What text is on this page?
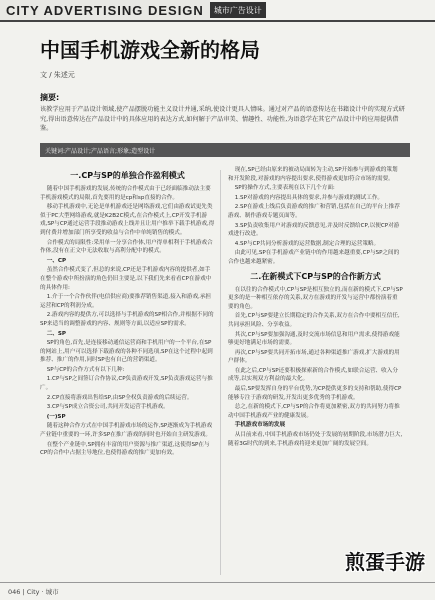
CITY ADVERTISING DESIGN	城市广告设计
中国手机游戏全新的格局
文 / 朱述元
摘要:
该教学应用于产品设计领域,使产品摆脱功能主义设计并通,采纳,使设计更具人情味。通过对产品的语意传达在书籍设计中的实现方式研究,得出语意传达在产品设计中的具体应用的表达方式,如何解于产品审美、情趣性、功能性,为语意学在其它产品设计中的应用提供借鉴。
关键词:产品设计;产品语言;形象;造型设计
一.CP与SP的单独合作盈利模式

随着中国手机游戏的发展,传统的合作模式由于已经面临推动法主要手机游戏模式的局限,首先要用的是cp和sp直接的合作。

移动手机游戏中,无论是单机游戏还是网络游戏,它们由游戏试更先类似于PC大型网络游戏,就是K2B2C模式,在合作模式上,CP开发手机游戏,SP与CP通过运营手段推动游戏上线并且让用户推举下载手机游戏,得到付费并增加部门所享受的收益与合作中单纯销售的模式。

合作模式的局限性:采用单一分享合作体,用户得单相利于手机游戏合作体,没有在正文中无法收取与高利分配中的模式。

一、CP

虽然合作模式变了,但总的来说,CP还是手机游戏内容的提供者,如手在整个游戏中所扮演的角色仍旧主要是,以下我们先来看看CP在游戏中的具体作用:

1.介于一个合作伙伴(电信供应商)要推荐销售渠道,接入和游戏,承担运营和CP的利润分成。

2.游戏内容的提供方,可以选择与手机游戏的SP相合作,并根据不同的SP来适当的调整游戏的内容、规则等方面,以适应SP的需求。

二、SP

SP的角色,首先,是连接移动通信运营商和手机用户的一个平台,在SP的网站上,用户可以选择下载游戏的各种不同选项,SP在这个过程中起到推荐、推广的作用,同时SP也有自己的营销渠道。

SP与CP的合作方式有以下几种:

1.CP与SP之间签订合作协议,CP负责游戏开发,SP负责游戏运营与推广。

2.CP直接将游戏出售给SP,由SP全权负责游戏的后续运营。

3.CP与SP成立合资公司,共同开发运营手机游戏。

(一)SP

随着这种合作方式在中国手机游戏市场的运作,SP逐渐成为手机游戏产业链中重要的一环,许多SP在推广游戏的同时也开始自主研发游戏。

在整个产业链中,SP拥有丰富的用户资源与推广渠道,这使得SP在与CP的合作中占据主导地位,也使得游戏的推广更加有效。

现在,SP已经由原来的被动局面转为主动,SP开始参与到游戏的策划和开发阶段,对游戏的内容提出要求,使得游戏更加符合市场的需要。

SP的操作方式,主要表现在以下几个方面:

1.SP对游戏的内容提出具体的要求,并参与游戏的测试工作。

2.SP在游戏上线后负责游戏的推广和营销,包括在自己的平台上推荐游戏、制作游戏专题页面等。

3.SP负责收集用户对游戏的反馈意见,并及时反馈给CP,以便CP对游戏进行改进。

4.SP与CP共同分析游戏的运营数据,制定合理的运营策略。

由此可见,SP在手机游戏产业链中的作用越来越重要,CP与SP之间的合作也越来越紧密。

二.在新模式下CP与SP的合作新方式

在以往的合作模式中,CP与SP是相互独立的,而在新的模式下,CP与SP更多的是一种相互依存的关系,双方在游戏的开发与运营中都扮演着重要的角色。

首先,CP与SP要建立长期稳定的合作关系,双方在合作中要相互信任,共同承担风险、分享收益。

其次,CP与SP要加强沟通,及时交流市场信息和用户需求,使得游戏能够更好地满足市场的需要。

再次,CP与SP要共同开拓市场,通过各种渠道推广游戏,扩大游戏的用户群体。

在此之后,CP与SP还要积极探索新的合作模式,如联合运营、收入分成等,以实现双方利益的最大化。

最后,SP要发挥自身的平台优势,为CP提供更多的支持和帮助,使得CP能够专注于游戏的研发,开发出更多优秀的手机游戏。

总之,在新的模式下,CP与SP的合作将更加紧密,双方的共同努力将推动中国手机游戏产业的健康发展。

手机游戏市场的发展

从目前来看,中国手机游戏市场仍处于发展的初期阶段,市场潜力巨大,随着3G时代的到来,手机游戏将迎来更加广阔的发展空间。

煎蛋手游
046 | City · 城市
